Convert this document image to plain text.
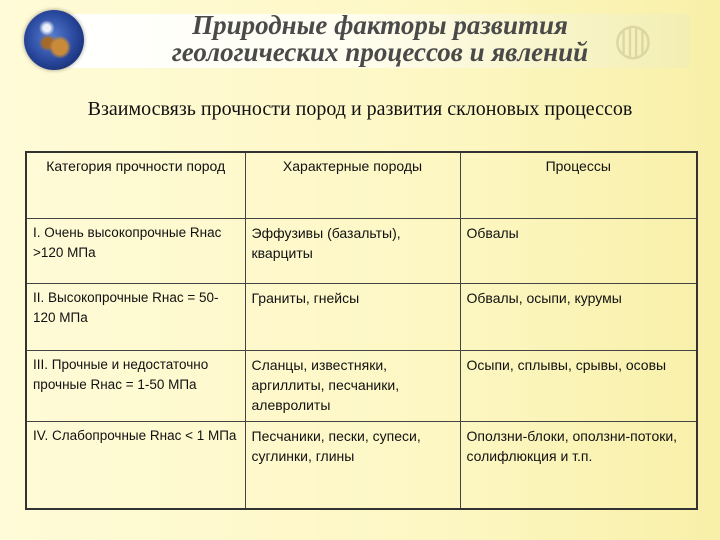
◍
Природные факторы развития
геологических процессов и явлений
Взаимосвязь прочности пород и развития склоновых процессов
Категория прочности пород	Характерные породы	Процессы
I. Очень высокопрочные Rнас >120 МПа	Эффузивы (базальты), кварциты	Обвалы
II. Высокопрочные Rнас = 50-120 МПа	Граниты, гнейсы	Обвалы, осыпи, курумы
III. Прочные и недостаточно прочные Rнас = 1-50 МПа	Сланцы, известняки, аргиллиты, песчаники, алевролиты	Осыпи, сплывы, срывы, осовы
IV. Слабопрочные Rнас < 1 МПа	Песчаники, пески, супеси, суглинки, глины	Оползни-блоки, оползни-потоки, солифлюкция и т.п.
